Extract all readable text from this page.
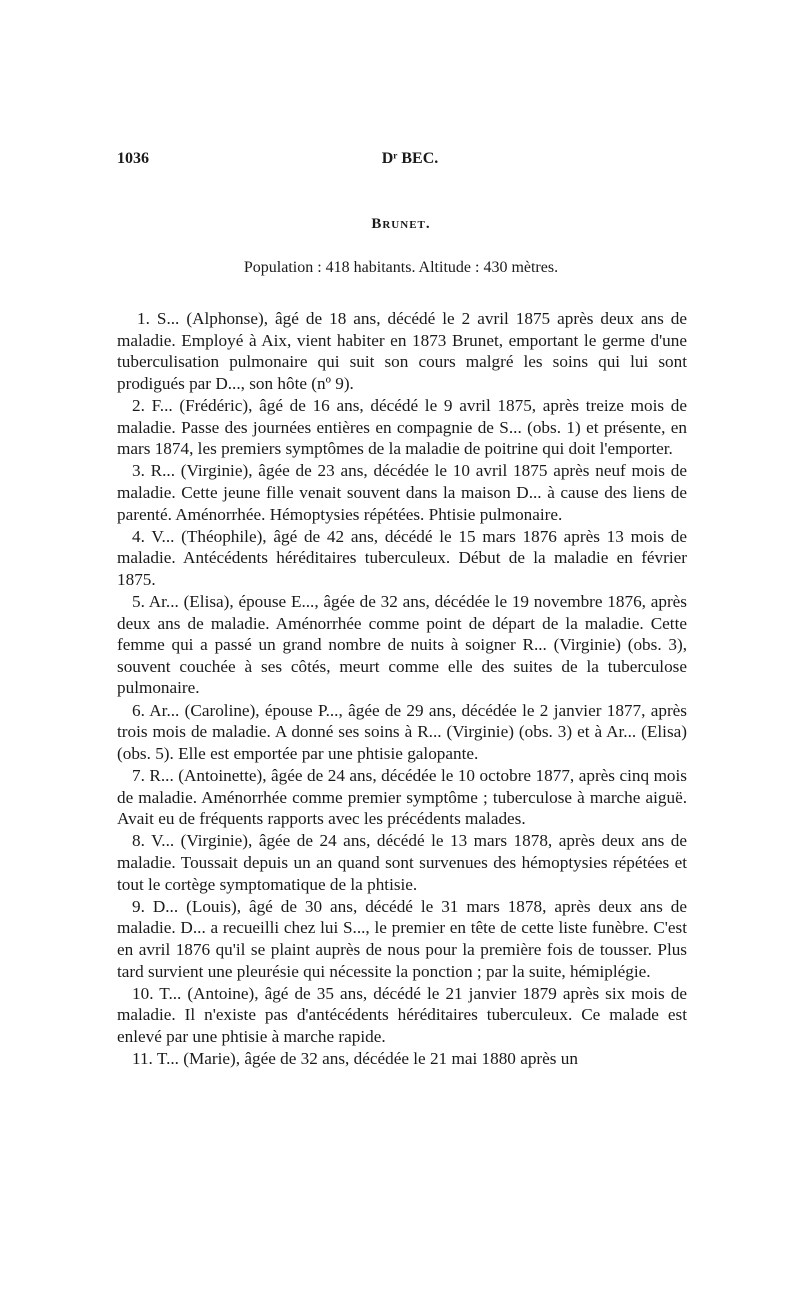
1036	Dʳ BEC.
Brunet.
Population : 418 habitants. Altitude : 430 mètres.

1. S... (Alphonse), âgé de 18 ans, décédé le 2 avril 1875 après deux ans de maladie. Employé à Aix, vient habiter en 1873 Brunet, emportant le germe d'une tuberculisation pulmonaire qui suit son cours malgré les soins qui lui sont prodigués par D..., son hôte (nº 9).

2. F... (Frédéric), âgé de 16 ans, décédé le 9 avril 1875, après treize mois de maladie. Passe des journées entières en compagnie de S... (obs. 1) et présente, en mars 1874, les premiers symptômes de la maladie de poitrine qui doit l'emporter.

3. R... (Virginie), âgée de 23 ans, décédée le 10 avril 1875 après neuf mois de maladie. Cette jeune fille venait souvent dans la maison D... à cause des liens de parenté. Aménorrhée. Hémoptysies répétées. Phtisie pulmonaire.

4. V... (Théophile), âgé de 42 ans, décédé le 15 mars 1876 après 13 mois de maladie. Antécédents héréditaires tuberculeux. Début de la maladie en février 1875.

5. Ar... (Elisa), épouse E..., âgée de 32 ans, décédée le 19 novembre 1876, après deux ans de maladie. Aménorrhée comme point de départ de la maladie. Cette femme qui a passé un grand nombre de nuits à soigner R... (Virginie) (obs. 3), souvent couchée à ses côtés, meurt comme elle des suites de la tuberculose pulmonaire.

6. Ar... (Caroline), épouse P..., âgée de 29 ans, décédée le 2 janvier 1877, après trois mois de maladie. A donné ses soins à R... (Virginie) (obs. 3) et à Ar... (Elisa) (obs. 5). Elle est emportée par une phtisie galopante.

7. R... (Antoinette), âgée de 24 ans, décédée le 10 octobre 1877, après cinq mois de maladie. Aménorrhée comme premier symptôme ; tuberculose à marche aiguë. Avait eu de fréquents rapports avec les précédents malades.

8. V... (Virginie), âgée de 24 ans, décédé le 13 mars 1878, après deux ans de maladie. Toussait depuis un an quand sont survenues des hémoptysies répétées et tout le cortège symptomatique de la phtisie.

9. D... (Louis), âgé de 30 ans, décédé le 31 mars 1878, après deux ans de maladie. D... a recueilli chez lui S..., le premier en tête de cette liste funèbre. C'est en avril 1876 qu'il se plaint auprès de nous pour la première fois de tousser. Plus tard survient une pleurésie qui nécessite la ponction ; par la suite, hémiplégie.

10. T... (Antoine), âgé de 35 ans, décédé le 21 janvier 1879 après six mois de maladie. Il n'existe pas d'antécédents héréditaires tuberculeux. Ce malade est enlevé par une phtisie à marche rapide.

11. T... (Marie), âgée de 32 ans, décédée le 21 mai 1880 après un
